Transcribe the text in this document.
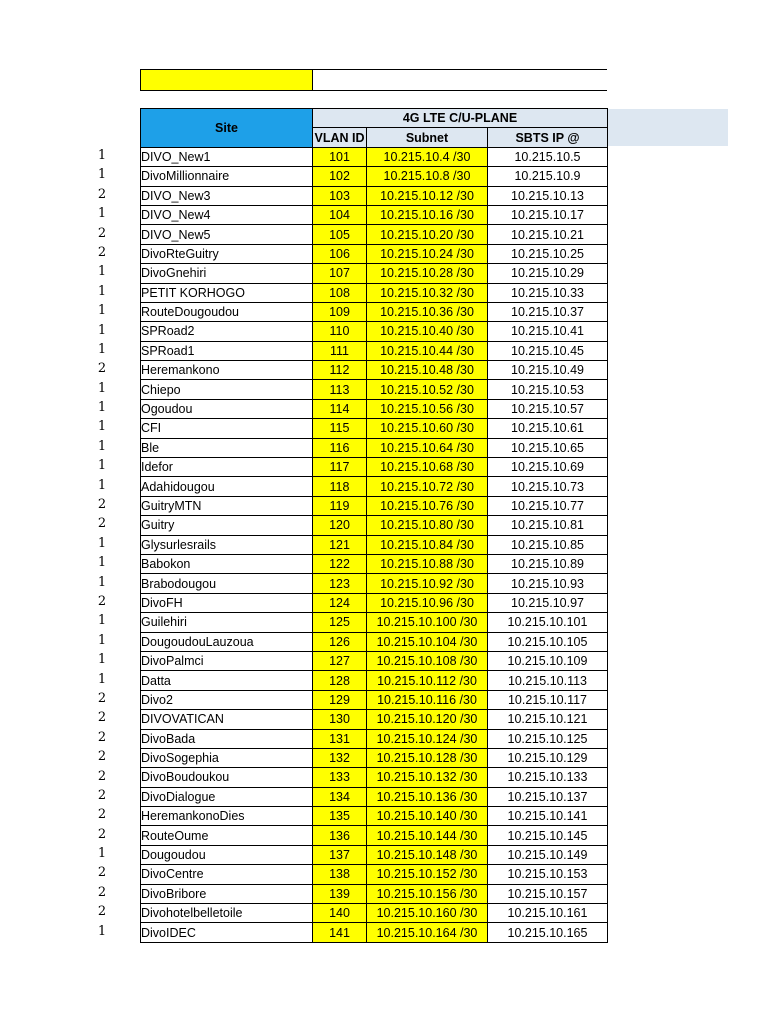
Site	4G LTE C/U-PLANE		
	VLAN ID	Subnet	SBTS IP @
DIVO_New1	101	10.215.10.4 /30	10.215.10.5
DivoMillionnaire	102	10.215.10.8 /30	10.215.10.9
DIVO_New3	103	10.215.10.12 /30	10.215.10.13
DIVO_New4	104	10.215.10.16 /30	10.215.10.17
DIVO_New5	105	10.215.10.20 /30	10.215.10.21
DivoRteGuitry	106	10.215.10.24 /30	10.215.10.25
DivoGnehiri	107	10.215.10.28 /30	10.215.10.29
PETIT KORHOGO	108	10.215.10.32 /30	10.215.10.33
RouteDougoudou	109	10.215.10.36 /30	10.215.10.37
SPRoad2	110	10.215.10.40 /30	10.215.10.41
SPRoad1	111	10.215.10.44 /30	10.215.10.45
Heremankono	112	10.215.10.48 /30	10.215.10.49
Chiepo	113	10.215.10.52 /30	10.215.10.53
Ogoudou	114	10.215.10.56 /30	10.215.10.57
CFI	115	10.215.10.60 /30	10.215.10.61
Ble	116	10.215.10.64 /30	10.215.10.65
Idefor	117	10.215.10.68 /30	10.215.10.69
Adahidougou	118	10.215.10.72 /30	10.215.10.73
GuitryMTN	119	10.215.10.76 /30	10.215.10.77
Guitry	120	10.215.10.80 /30	10.215.10.81
Glysurlesrails	121	10.215.10.84 /30	10.215.10.85
Babokon	122	10.215.10.88 /30	10.215.10.89
Brabodougou	123	10.215.10.92 /30	10.215.10.93
DivoFH	124	10.215.10.96 /30	10.215.10.97
Guilehiri	125	10.215.10.100 /30	10.215.10.101
DougoudouLauzoua	126	10.215.10.104 /30	10.215.10.105
DivoPalmci	127	10.215.10.108 /30	10.215.10.109
Datta	128	10.215.10.112 /30	10.215.10.113
Divo2	129	10.215.10.116 /30	10.215.10.117
DIVOVATICAN	130	10.215.10.120 /30	10.215.10.121
DivoBada	131	10.215.10.124 /30	10.215.10.125
DivoSogephia	132	10.215.10.128 /30	10.215.10.129
DivoBoudoukou	133	10.215.10.132 /30	10.215.10.133
DivoDialogue	134	10.215.10.136 /30	10.215.10.137
HeremankonoDies	135	10.215.10.140 /30	10.215.10.141
RouteOume	136	10.215.10.144 /30	10.215.10.145
Dougoudou	137	10.215.10.148 /30	10.215.10.149
DivoCentre	138	10.215.10.152 /30	10.215.10.153
DivoBribore	139	10.215.10.156 /30	10.215.10.157
Divohotelbelletoile	140	10.215.10.160 /30	10.215.10.161
DivoIDEC	141	10.215.10.164 /30	10.215.10.165
1
1
2
1
2
2
1
1
1
1
1
2
1
1
1
1
1
1
2
2
1
1
1
2
1
1
1
1
2
2
2
2
2
2
2
2
1
2
2
2
1
